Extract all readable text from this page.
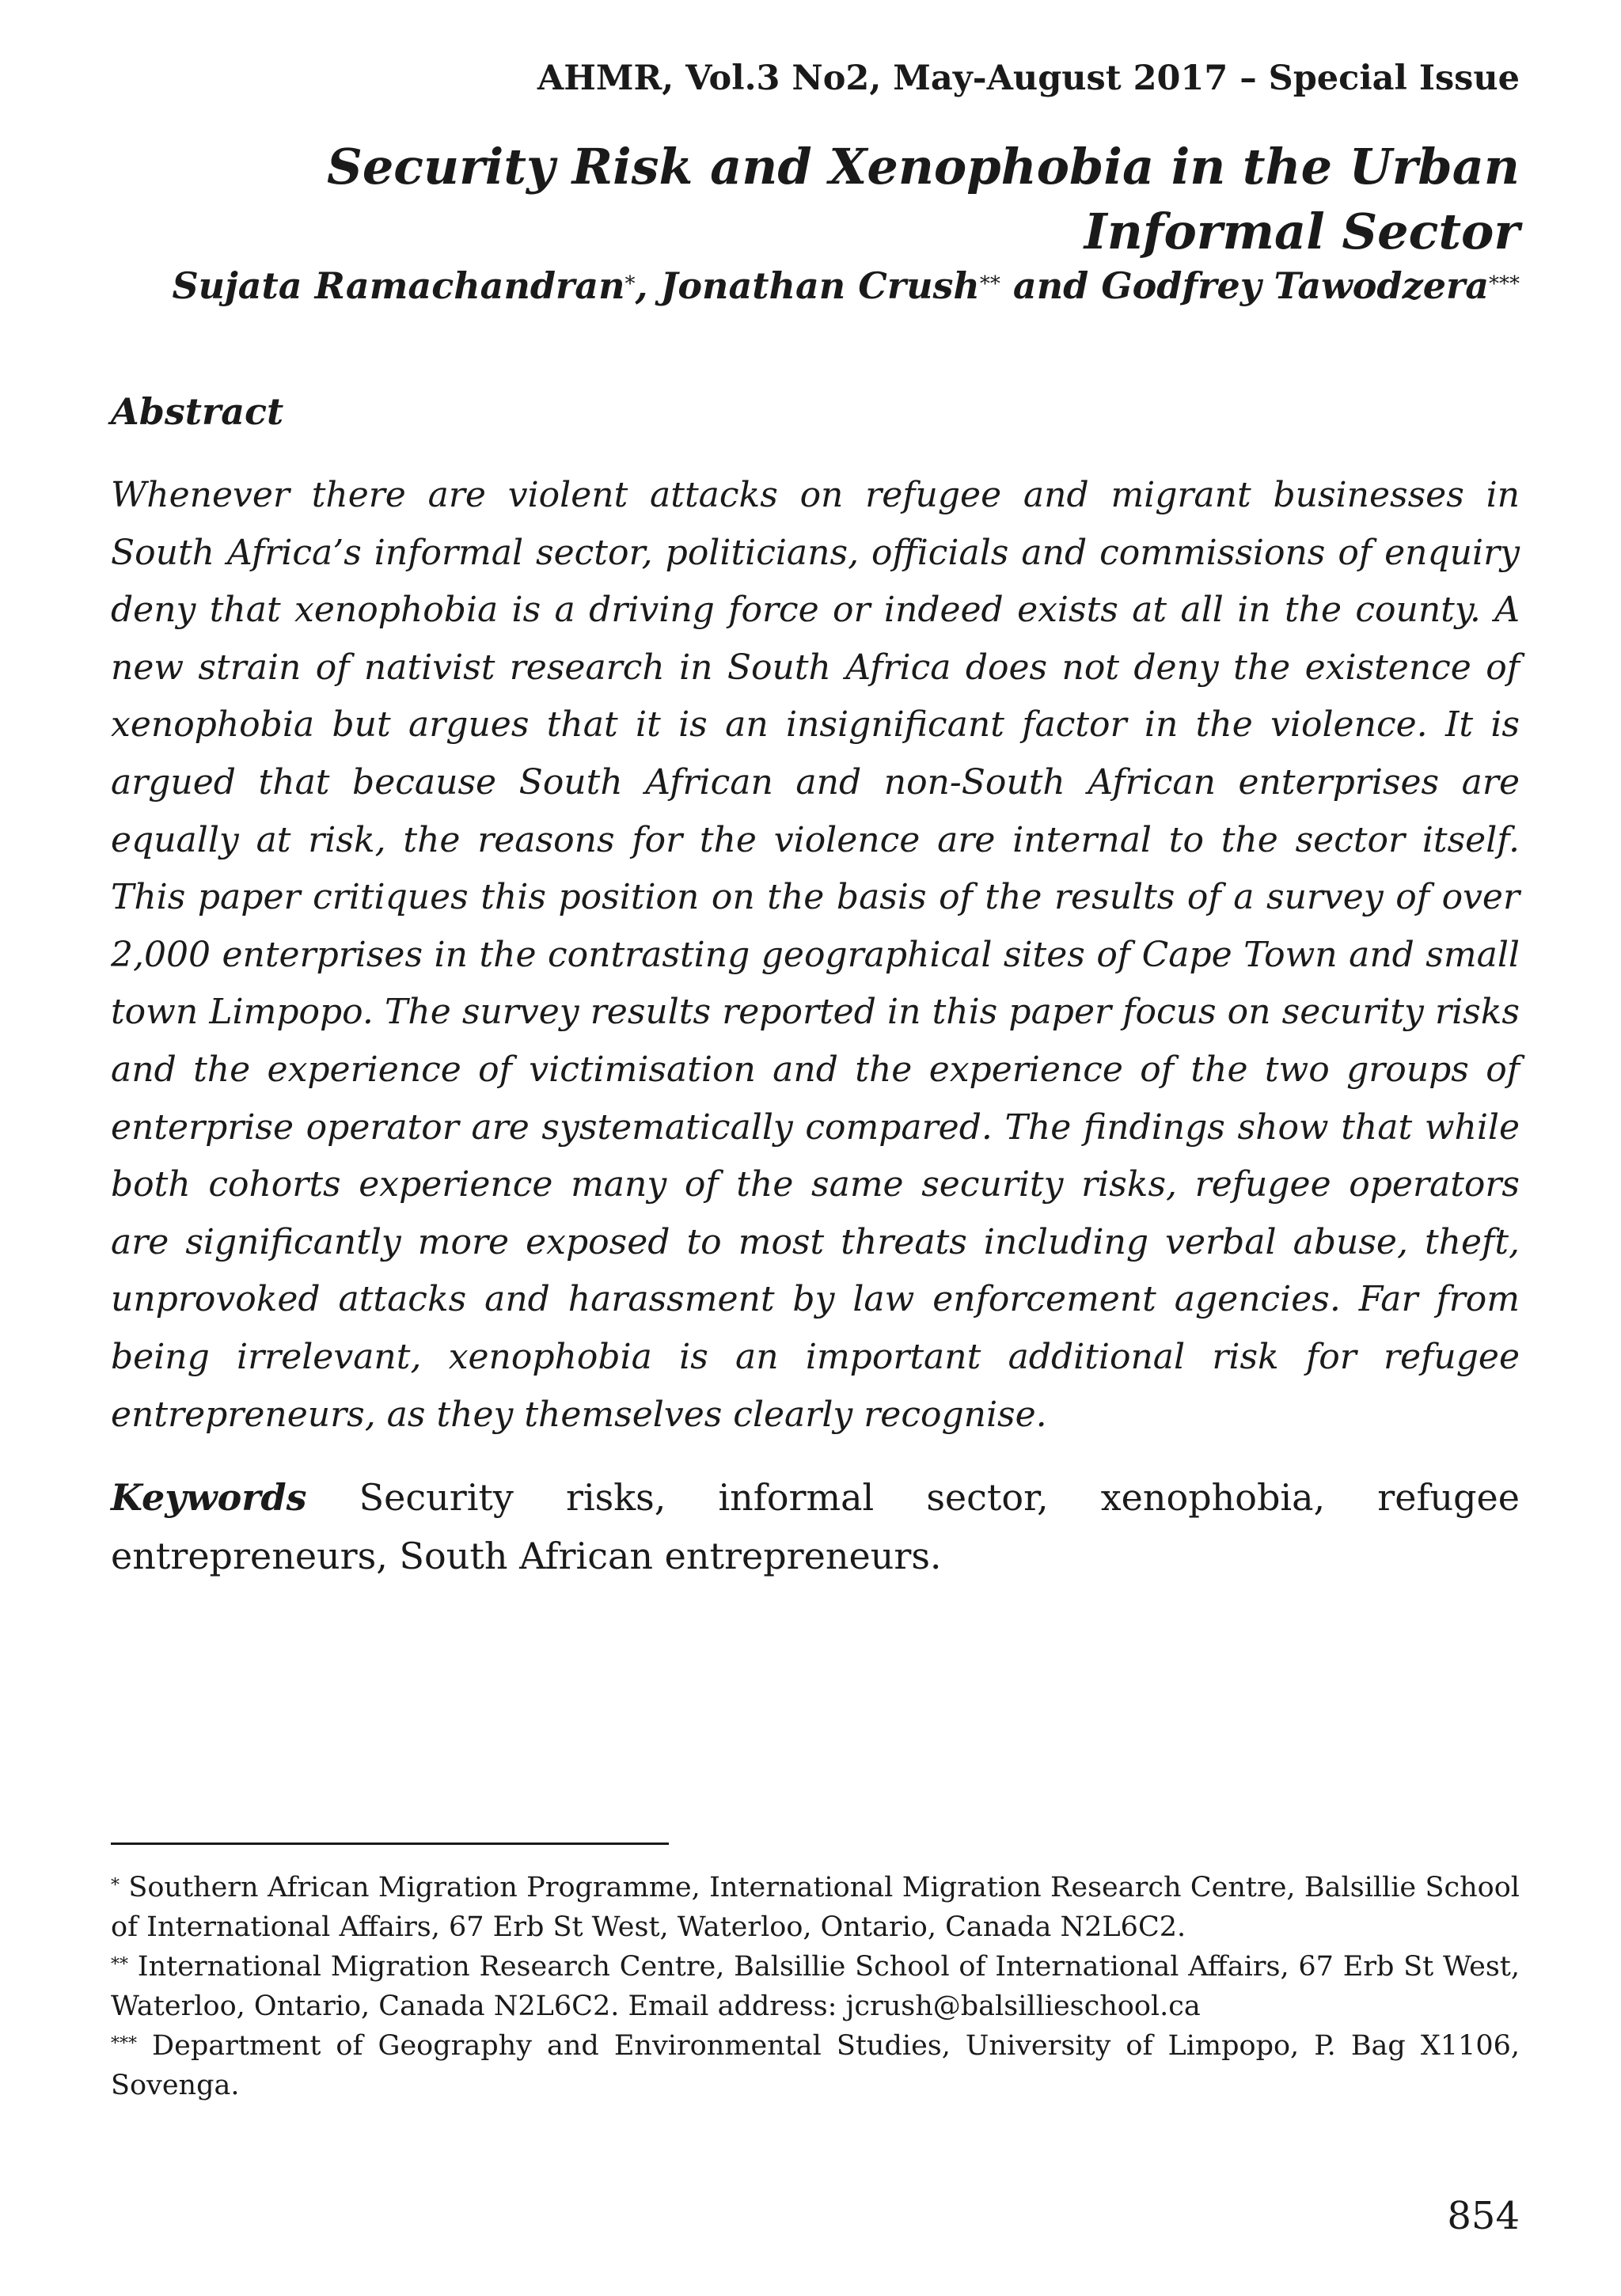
AHMR, Vol.3 No2, May-August 2017 – Special Issue
Security Risk and Xenophobia in the Urban Informal Sector
Sujata Ramachandran*, Jonathan Crush** and Godfrey Tawodzera***
Abstract
Whenever there are violent attacks on refugee and migrant businesses in South Africa’s informal sector, politicians, officials and commissions of enquiry deny that xenophobia is a driving force or indeed exists at all in the county. A new strain of nativist research in South Africa does not deny the existence of xenophobia but argues that it is an insignificant factor in the violence. It is argued that because South African and non-South African enterprises are equally at risk, the reasons for the violence are internal to the sector itself. This paper critiques this position on the basis of the results of a survey of over 2,000 enterprises in the contrasting geographical sites of Cape Town and small town Limpopo. The survey results reported in this paper focus on security risks and the experience of victimisation and the experience of the two groups of enterprise operator are systematically compared. The findings show that while both cohorts experience many of the same security risks, refugee operators are significantly more exposed to most threats including verbal abuse, theft, unprovoked attacks and harassment by law enforcement agencies. Far from being irrelevant, xenophobia is an important additional risk for refugee entrepreneurs, as they themselves clearly recognise.
Keywords Security risks, informal sector, xenophobia, refugee entrepreneurs, South African entrepreneurs.

* Southern African Migration Programme, International Migration Research Centre, Balsillie School of International Affairs, 67 Erb St West, Waterloo, Ontario, Canada N2L6C2.

** International Migration Research Centre, Balsillie School of International Affairs, 67 Erb St West, Waterloo, Ontario, Canada N2L6C2. Email address: jcrush@balsillieschool.ca

*** Department of Geography and Environmental Studies, University of Limpopo, P. Bag X1106, Sovenga.

854
